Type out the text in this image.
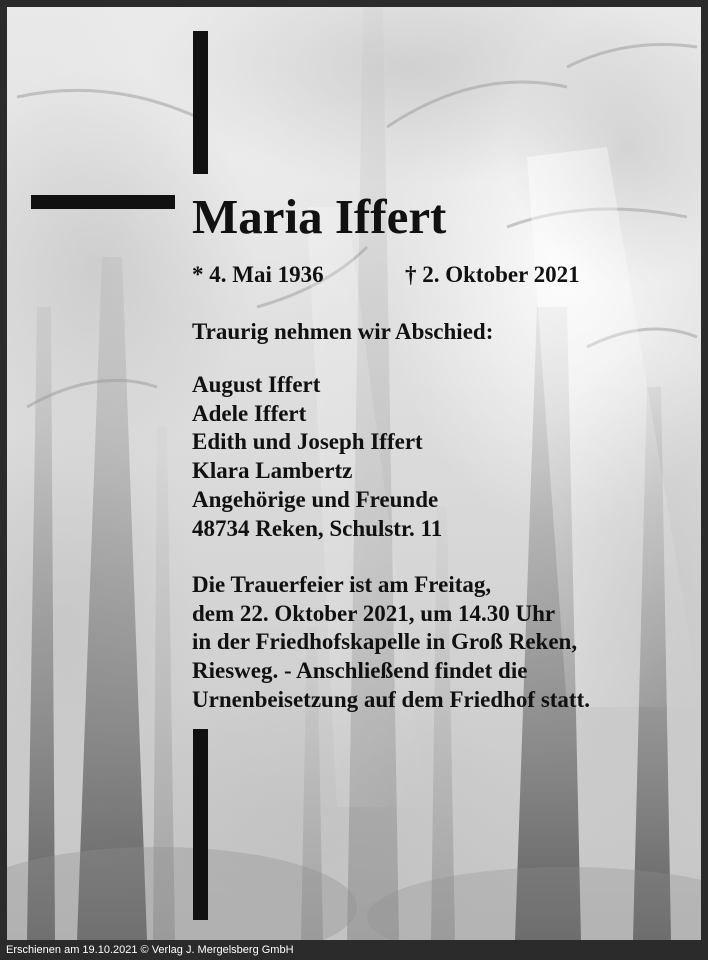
Maria Iffert
* 4. Mai 1936	† 2. Oktober 2021
Traurig nehmen wir Abschied:
August Iffert
Adele Iffert
Edith und Joseph Iffert
Klara Lambertz
Angehörige und Freunde
48734 Reken, Schulstr. 11
Die Trauerfeier ist am Freitag,
dem 22. Oktober 2021, um 14.30 Uhr
in der Friedhofskapelle in Groß Reken,
Riesweg. - Anschließend findet die
Urnenbeisetzung auf dem Friedhof statt.
Erschienen am 19.10.2021 © Verlag J. Mergelsberg GmbH
